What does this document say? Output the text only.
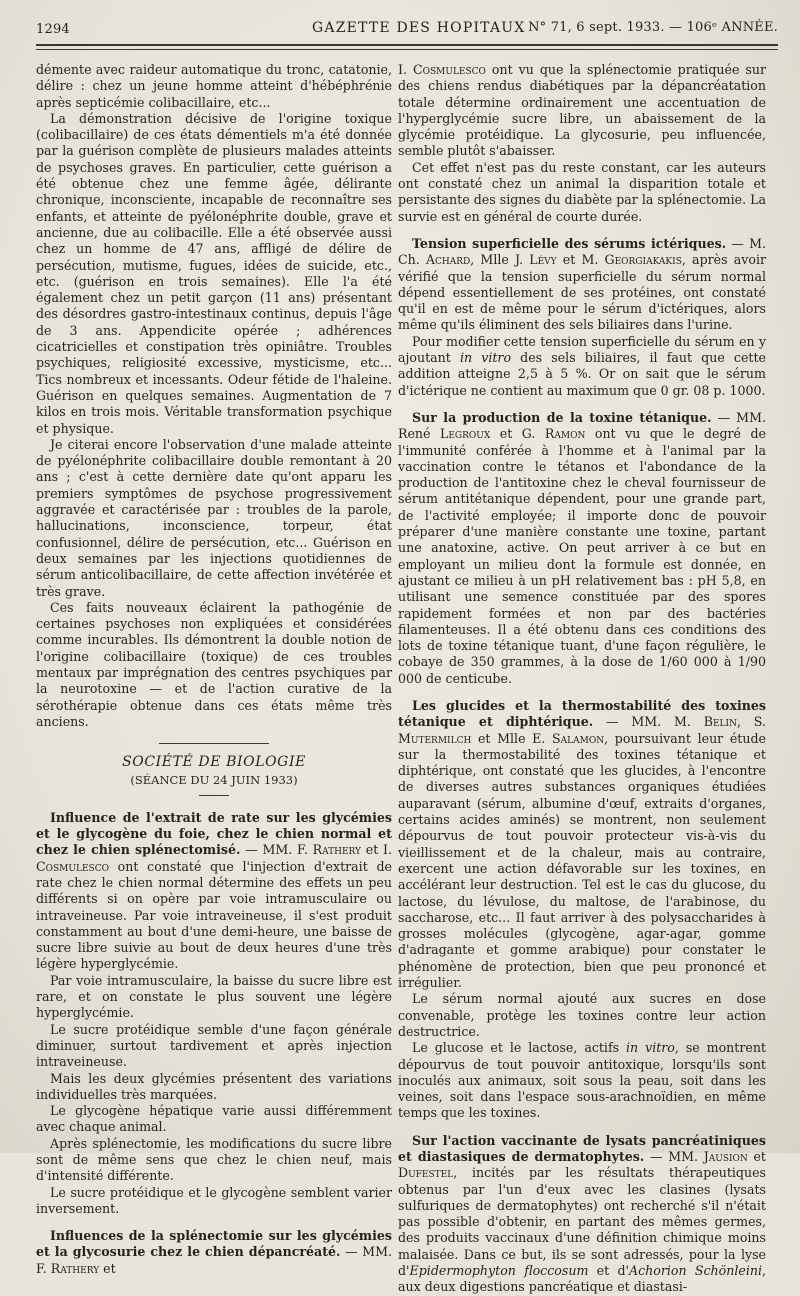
1294	GAZETTE DES HOPITAUX N° 71, 6 sept. 1933. — 106ᵉ ANNÉE.

démente avec raideur automatique du tronc, catatonie, délire : chez un jeune homme atteint d'hébéphrénie après septicémie colibacillaire, etc...

La démonstration décisive de l'origine toxique (colibacillaire) de ces états démentiels m'a été donnée par la guérison complète de plusieurs malades atteints de psychoses graves. En particulier, cette guérison a été obtenue chez une femme âgée, délirante chronique, inconsciente, incapable de reconnaître ses enfants, et atteinte de pyélonéphrite double, grave et ancienne, due au colibacille. Elle a été observée aussi chez un homme de 47 ans, affligé de délire de persécution, mutisme, fugues, idées de suicide, etc., etc. (guérison en trois semaines). Elle l'a été également chez un petit garçon (11 ans) présentant des désordres gastro-intestinaux continus, depuis l'âge de 3 ans. Appendicite opérée ; adhérences cicatricielles et constipation très opiniâtre. Troubles psychiques, religiosité excessive, mysticisme, etc... Tics nombreux et incessants. Odeur fétide de l'haleine. Guérison en quelques semaines. Augmentation de 7 kilos en trois mois. Véritable transformation psychique et physique.

Je citerai encore l'observation d'une malade atteinte de pyélonéphrite colibacillaire double remontant à 20 ans ; c'est à cette dernière date qu'ont apparu les premiers symptômes de psychose progressivement aggravée et caractérisée par : troubles de la parole, hallucinations, inconscience, torpeur, état confusionnel, délire de persécution, etc... Guérison en deux semaines par les injections quotidiennes de sérum anticolibacillaire, de cette affection invétérée et très grave.

Ces faits nouveaux éclairent la pathogénie de certaines psychoses non expliquées et considérées comme incurables. Ils démontrent la double notion de l'origine colibacillaire (toxique) de ces troubles mentaux par imprégnation des centres psychiques par la neurotoxine — et de l'action curative de la sérothérapie obtenue dans ces états même très anciens.

SOCIÉTÉ DE BIOLOGIE

(SÉANCE DU 24 JUIN 1933)

Influence de l'extrait de rate sur les glycémies et le glycogène du foie, chez le chien normal et chez le chien splénectomisé. — MM. F. Rathery et I. Cosmulesco ont constaté que l'injection d'extrait de rate chez le chien normal détermine des effets un peu différents si on opère par voie intramusculaire ou intraveineuse. Par voie intraveineuse, il s'est produit constamment au bout d'une demi-heure, une baisse de sucre libre suivie au bout de deux heures d'une très légère hyperglycémie.

Par voie intramusculaire, la baisse du sucre libre est rare, et on constate le plus souvent une légère hyperglycémie.

Le sucre protéidique semble d'une façon générale diminuer, surtout tardivement et après injection intraveineuse.

Mais les deux glycémies présentent des variations individuelles très marquées.

Le glycogène hépatique varie aussi différemment avec chaque animal.

Après splénectomie, les modifications du sucre libre sont de même sens que chez le chien neuf, mais d'intensité différente.

Le sucre protéidique et le glycogène semblent varier inversement.

Influences de la splénectomie sur les glycémies et la glycosurie chez le chien dépancréaté. — MM. F. Rathery et

I. Cosmulesco ont vu que la splénectomie pratiquée sur des chiens rendus diabétiques par la dépancréatation totale détermine ordinairement une accentuation de l'hyperglycémie sucre libre, un abaissement de la glycémie protéidique. La glycosurie, peu influencée, semble plutôt s'abaisser.

Cet effet n'est pas du reste constant, car les auteurs ont constaté chez un animal la disparition totale et persistante des signes du diabète par la splénectomie. La survie est en général de courte durée.

Tension superficielle des sérums ictériques. — M. Ch. Achard, Mlle J. Lévy et M. Georgiakakis, après avoir vérifié que la tension superficielle du sérum normal dépend essentiellement de ses protéines, ont constaté qu'il en est de même pour le sérum d'ictériques, alors même qu'ils éliminent des sels biliaires dans l'urine.

Pour modifier cette tension superficielle du sérum en y ajoutant in vitro des sels biliaires, il faut que cette addition atteigne 2,5 à 5 %. Or on sait que le sérum d'ictérique ne contient au maximum que 0 gr. 08 p. 1000.

Sur la production de la toxine tétanique. — MM. René Legroux et G. Ramon ont vu que le degré de l'immunité conférée à l'homme et à l'animal par la vaccination contre le tétanos et l'abondance de la production de l'antitoxine chez le cheval fournisseur de sérum antitétanique dépendent, pour une grande part, de l'activité employée; il importe donc de pouvoir préparer d'une manière constante une toxine, partant une anatoxine, active. On peut arriver à ce but en employant un milieu dont la formule est donnée, en ajustant ce milieu à un pH relativement bas : pH 5,8, en utilisant une semence constituée par des spores rapidement formées et non par des bactéries filamenteuses. Il a été obtenu dans ces conditions des lots de toxine tétanique tuant, d'une façon régulière, le cobaye de 350 grammes, à la dose de 1/60 000 à 1/90 000 de centicube.

Les glucides et la thermostabilité des toxines tétanique et diphtérique. — MM. M. Belin, S. Mutermilch et Mlle E. Salamon, poursuivant leur étude sur la thermostabilité des toxines tétanique et diphtérique, ont constaté que les glucides, à l'encontre de diverses autres substances organiques étudiées auparavant (sérum, albumine d'œuf, extraits d'organes, certains acides aminés) se montrent, non seulement dépourvus de tout pouvoir protecteur vis-à-vis du vieillissement et de la chaleur, mais au contraire, exercent une action défavorable sur les toxines, en accélérant leur destruction. Tel est le cas du glucose, du lactose, du lévulose, du maltose, de l'arabinose, du saccharose, etc... Il faut arriver à des polysaccharides à grosses molécules (glycogène, agar-agar, gomme d'adragante et gomme arabique) pour constater le phénomène de protection, bien que peu prononcé et irrégulier.

Le sérum normal ajouté aux sucres en dose convenable, protège les toxines contre leur action destructrice.

Le glucose et le lactose, actifs in vitro, se montrent dépourvus de tout pouvoir antitoxique, lorsqu'ils sont inoculés aux animaux, soit sous la peau, soit dans les veines, soit dans l'espace sous-arachnoïdien, en même temps que les toxines.

Sur l'action vaccinante de lysats pancréatiniques et diastasiques de dermatophytes. — MM. Jausion et Dufestel, incités par les résultats thérapeutiques obtenus par l'un d'eux avec les clasines (lysats sulfuriques de dermatophytes) ont recherché s'il n'était pas possible d'obtenir, en partant des mêmes germes, des produits vaccinaux d'une définition chimique moins malaisée. Dans ce but, ils se sont adressés, pour la lyse d'Epidermophyton floccosum et d'Achorion Schönleini, aux deux digestions pancréatique et diastasi-
